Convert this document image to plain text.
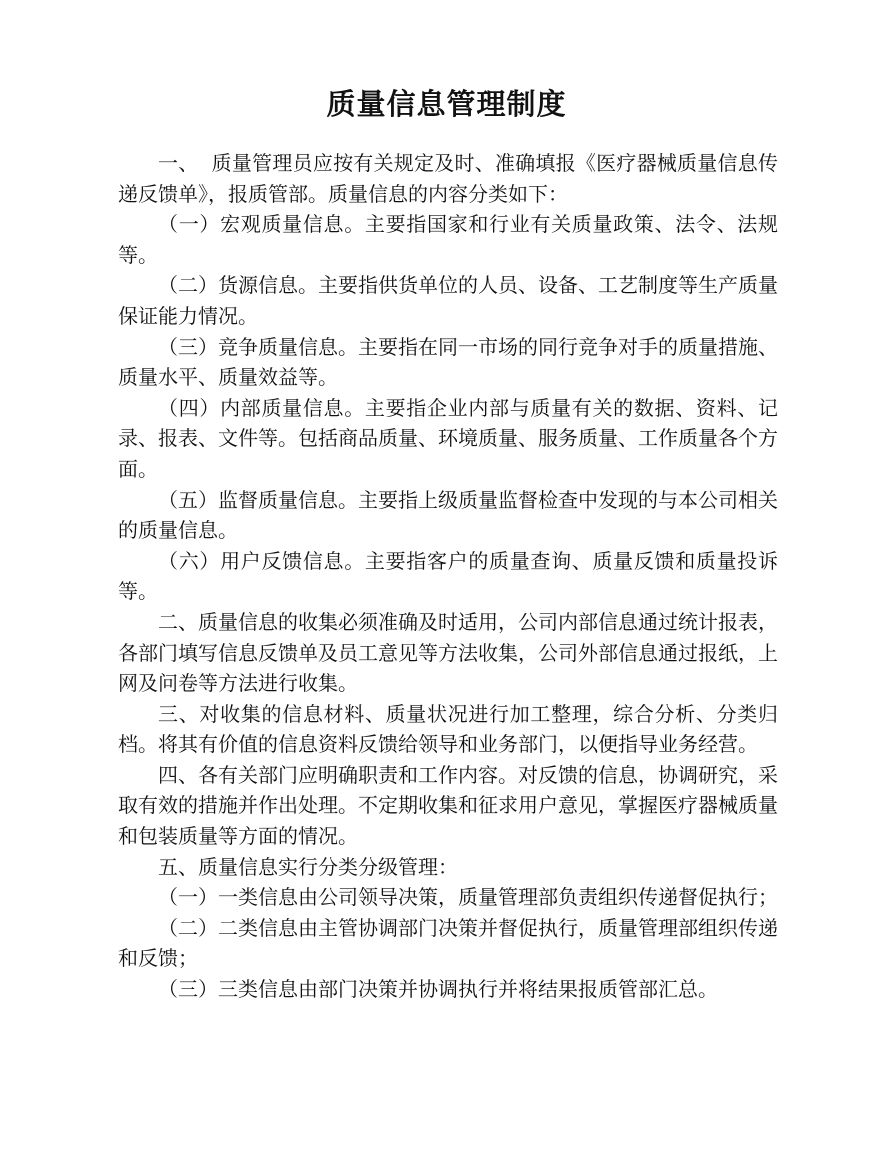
质量信息管理制度

一、  质量管理员应按有关规定及时、准确填报《医疗器械质量信息传递反馈单》，报质管部。质量信息的内容分类如下：

（一）宏观质量信息。主要指国家和行业有关质量政策、法令、法规等。

（二）货源信息。主要指供货单位的人员、设备、工艺制度等生产质量保证能力情况。

（三）竞争质量信息。主要指在同一市场的同行竞争对手的质量措施、质量水平、质量效益等。

（四）内部质量信息。主要指企业内部与质量有关的数据、资料、记录、报表、文件等。包括商品质量、环境质量、服务质量、工作质量各个方面。

（五）监督质量信息。主要指上级质量监督检查中发现的与本公司相关的质量信息。

（六）用户反馈信息。主要指客户的质量查询、质量反馈和质量投诉等。

二、质量信息的收集必须准确及时适用，公司内部信息通过统计报表，各部门填写信息反馈单及员工意见等方法收集，公司外部信息通过报纸，上网及问卷等方法进行收集。

三、对收集的信息材料、质量状况进行加工整理，综合分析、分类归档。将其有价值的信息资料反馈给领导和业务部门，以便指导业务经营。

四、各有关部门应明确职责和工作内容。对反馈的信息，协调研究，采取有效的措施并作出处理。不定期收集和征求用户意见，掌握医疗器械质量和包装质量等方面的情况。

五、质量信息实行分类分级管理：

（一）一类信息由公司领导决策，质量管理部负责组织传递督促执行；

（二）二类信息由主管协调部门决策并督促执行，质量管理部组织传递和反馈；

（三）三类信息由部门决策并协调执行并将结果报质管部汇总。
